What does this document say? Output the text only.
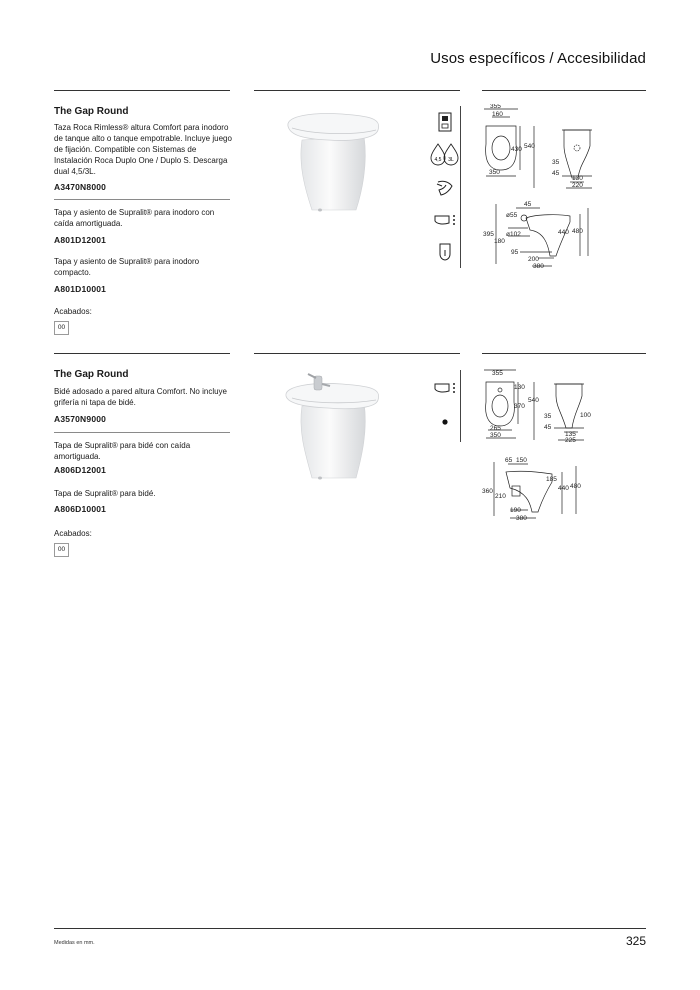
Usos específicos / Accesibilidad
The Gap Round
Taza Roca Rimless® altura Comfort para inodoro de tanque alto o tanque empotrable. Incluye juego de fijación. Compatible con Sistemas de Instalación Roca Duplo One / Duplo S. Descarga dual 4,5/3L.
A3470N8000
Tapa y asiento de Supralit® para inodoro con caída amortiguada.
A801D12001
Tapa y asiento de Supralit® para inodoro compacto.
A801D10001
Acabados:
00
4,5 3L
355
160
430 540
350
35
45
130
220
45
ø55
395 ø102
180
440 480
95
200
380
The Gap Round
Bidé adosado a pared altura Comfort. No incluye grifería ni tapa de bidé.
A3570N9000
Tapa de Supralit® para bidé con caída amortiguada.
A806D12001
Tapa de Supralit® para bidé.
A806D10001
Acabados:
00
355
130
370
540
265
350
35
45
135
225
100
65 150
185
360
210
440 480
190
380
Medidas en mm.	325
